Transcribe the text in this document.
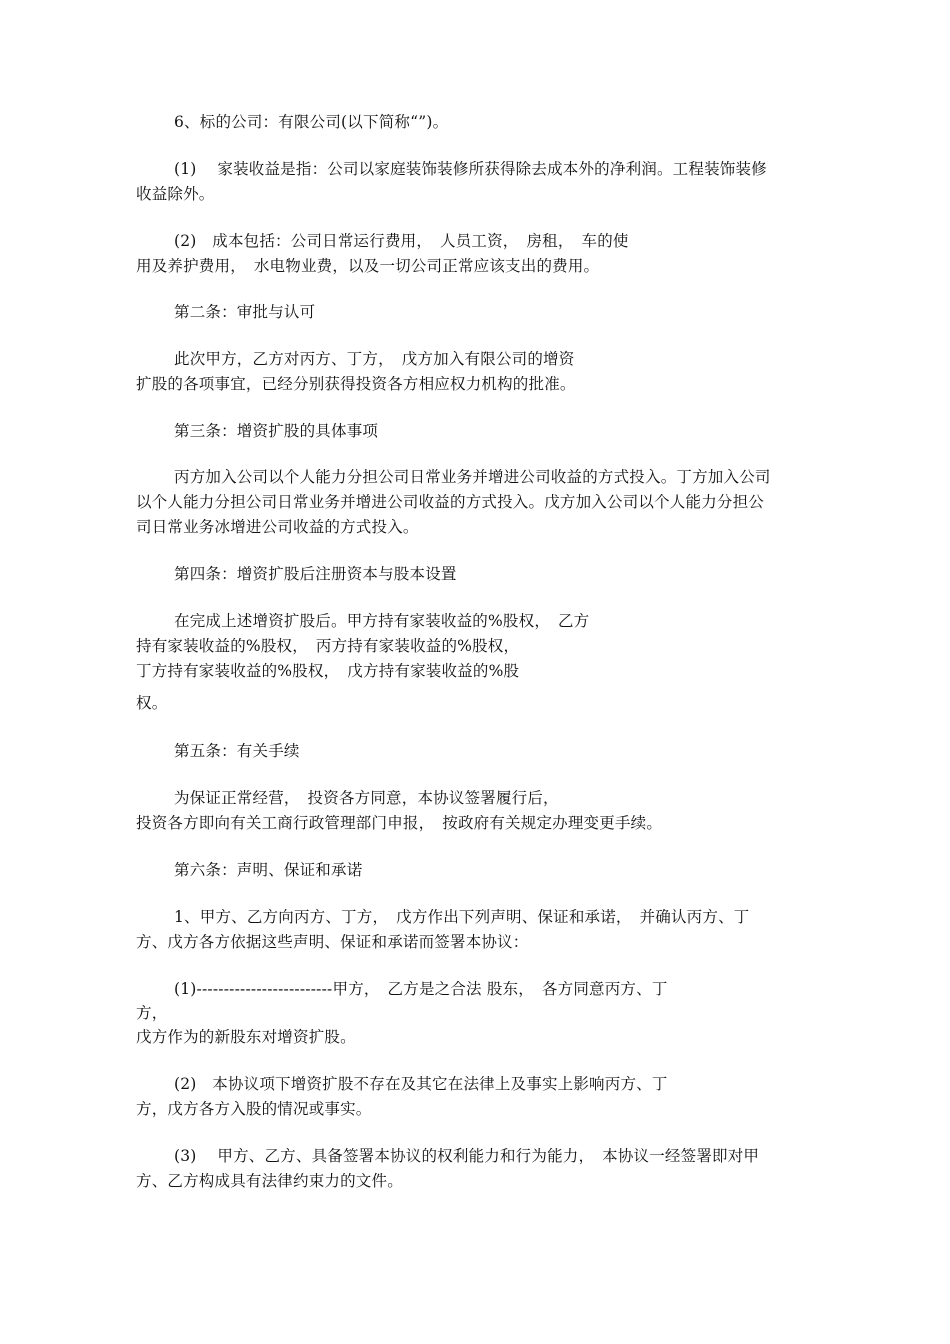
6、标的公司：有限公司(以下简称“”)。
(1)　 家装收益是指：公司以家庭装饰装修所获得除去成本外的净利润。工程装饰装修
收益除外。
(2)　成本包括：公司日常运行费用，　人员工资，　房租，　车的使
用及养护费用，　水电物业费，以及一切公司正常应该支出的费用。
第二条：审批与认可
此次甲方，乙方对丙方、丁方，　戊方加入有限公司的增资
扩股的各项事宜，已经分别获得投资各方相应权力机构的批准。
第三条：增资扩股的具体事项
丙方加入公司以个人能力分担公司日常业务并增进公司收益的方式投入。丁方加入公司
以个人能力分担公司日常业务并增进公司收益的方式投入。戊方加入公司以个人能力分担公
司日常业务冰增进公司收益的方式投入。
第四条：增资扩股后注册资本与股本设置
在完成上述增资扩股后。甲方持有家装收益的%股权，　乙方
持有家装收益的%股权，　丙方持有家装收益的%股权，
丁方持有家装收益的%股权，　戊方持有家装收益的%股
权。
第五条：有关手续
为保证正常经营，　投资各方同意，本协议签署履行后，
投资各方即向有关工商行政管理部门申报，　按政府有关规定办理变更手续。
第六条：声明、保证和承诺
1、甲方、乙方向丙方、丁方，　戊方作出下列声明、保证和承诺，　并确认丙方、丁
方、戊方各方依据这些声明、保证和承诺而签署本协议：
(1)-------------------------甲方，　乙方是之合法 股东，　各方同意丙方、丁
方，
戊方作为的新股东对增资扩股。
(2)　本协议项下增资扩股不存在及其它在法律上及事实上影响丙方、丁
方，戊方各方入股的情况或事实。
(3)　 甲方、乙方、具备签署本协议的权利能力和行为能力，　本协议一经签署即对甲
方、乙方构成具有法律约束力的文件。
